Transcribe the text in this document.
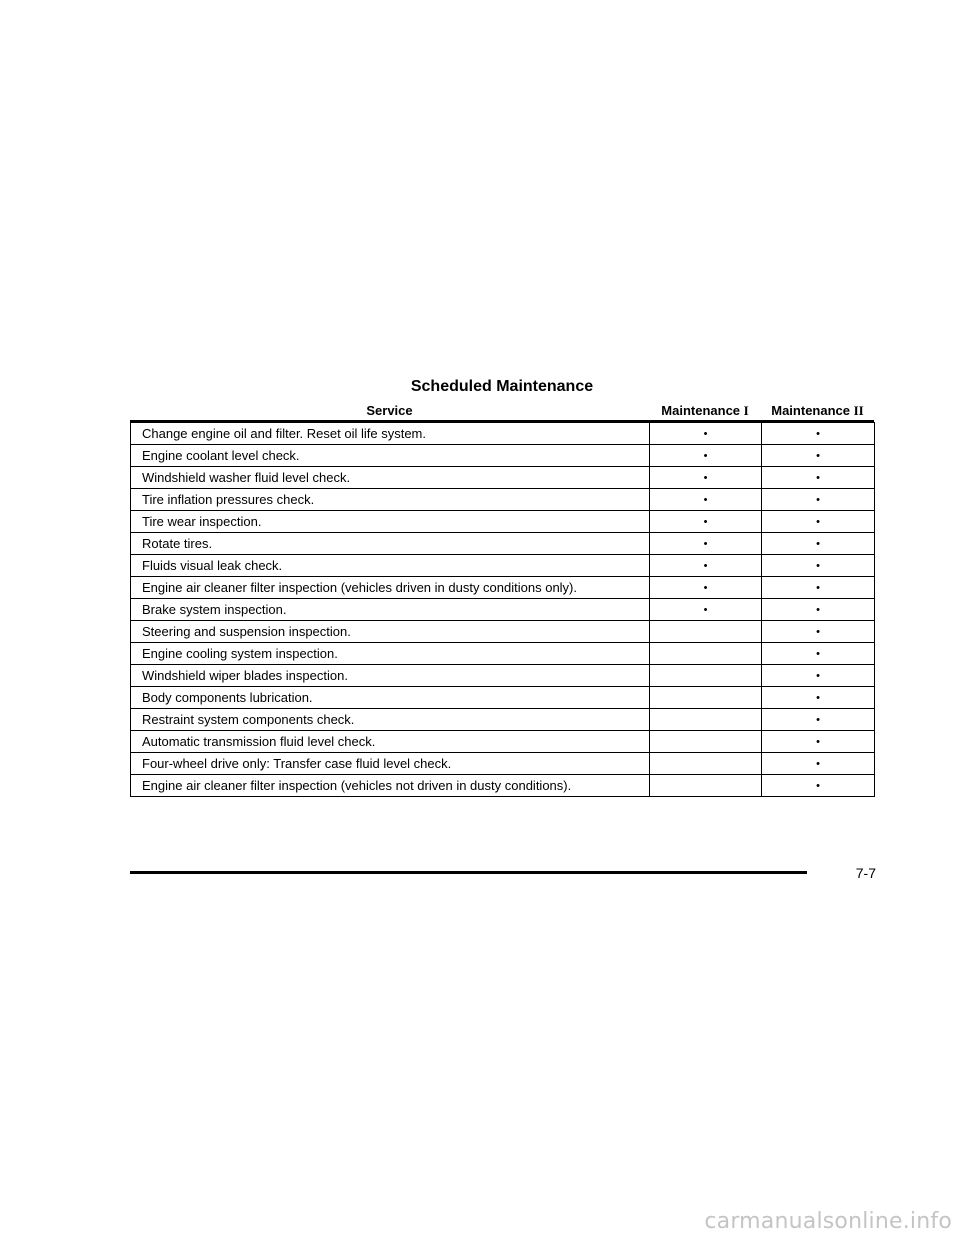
Scheduled Maintenance
Service	Maintenance I	Maintenance II
Change engine oil and filter. Reset oil life system.	•	•
Engine coolant level check.	•	•
Windshield washer fluid level check.	•	•
Tire inflation pressures check.	•	•
Tire wear inspection.	•	•
Rotate tires.	•	•
Fluids visual leak check.	•	•
Engine air cleaner filter inspection (vehicles driven in dusty conditions only).	•	•
Brake system inspection.	•	•
Steering and suspension inspection.		•
Engine cooling system inspection.		•
Windshield wiper blades inspection.		•
Body components lubrication.		•
Restraint system components check.		•
Automatic transmission fluid level check.		•
Four-wheel drive only: Transfer case fluid level check.		•
Engine air cleaner filter inspection (vehicles not driven in dusty conditions).		•
7-7
carmanualsonline.info
